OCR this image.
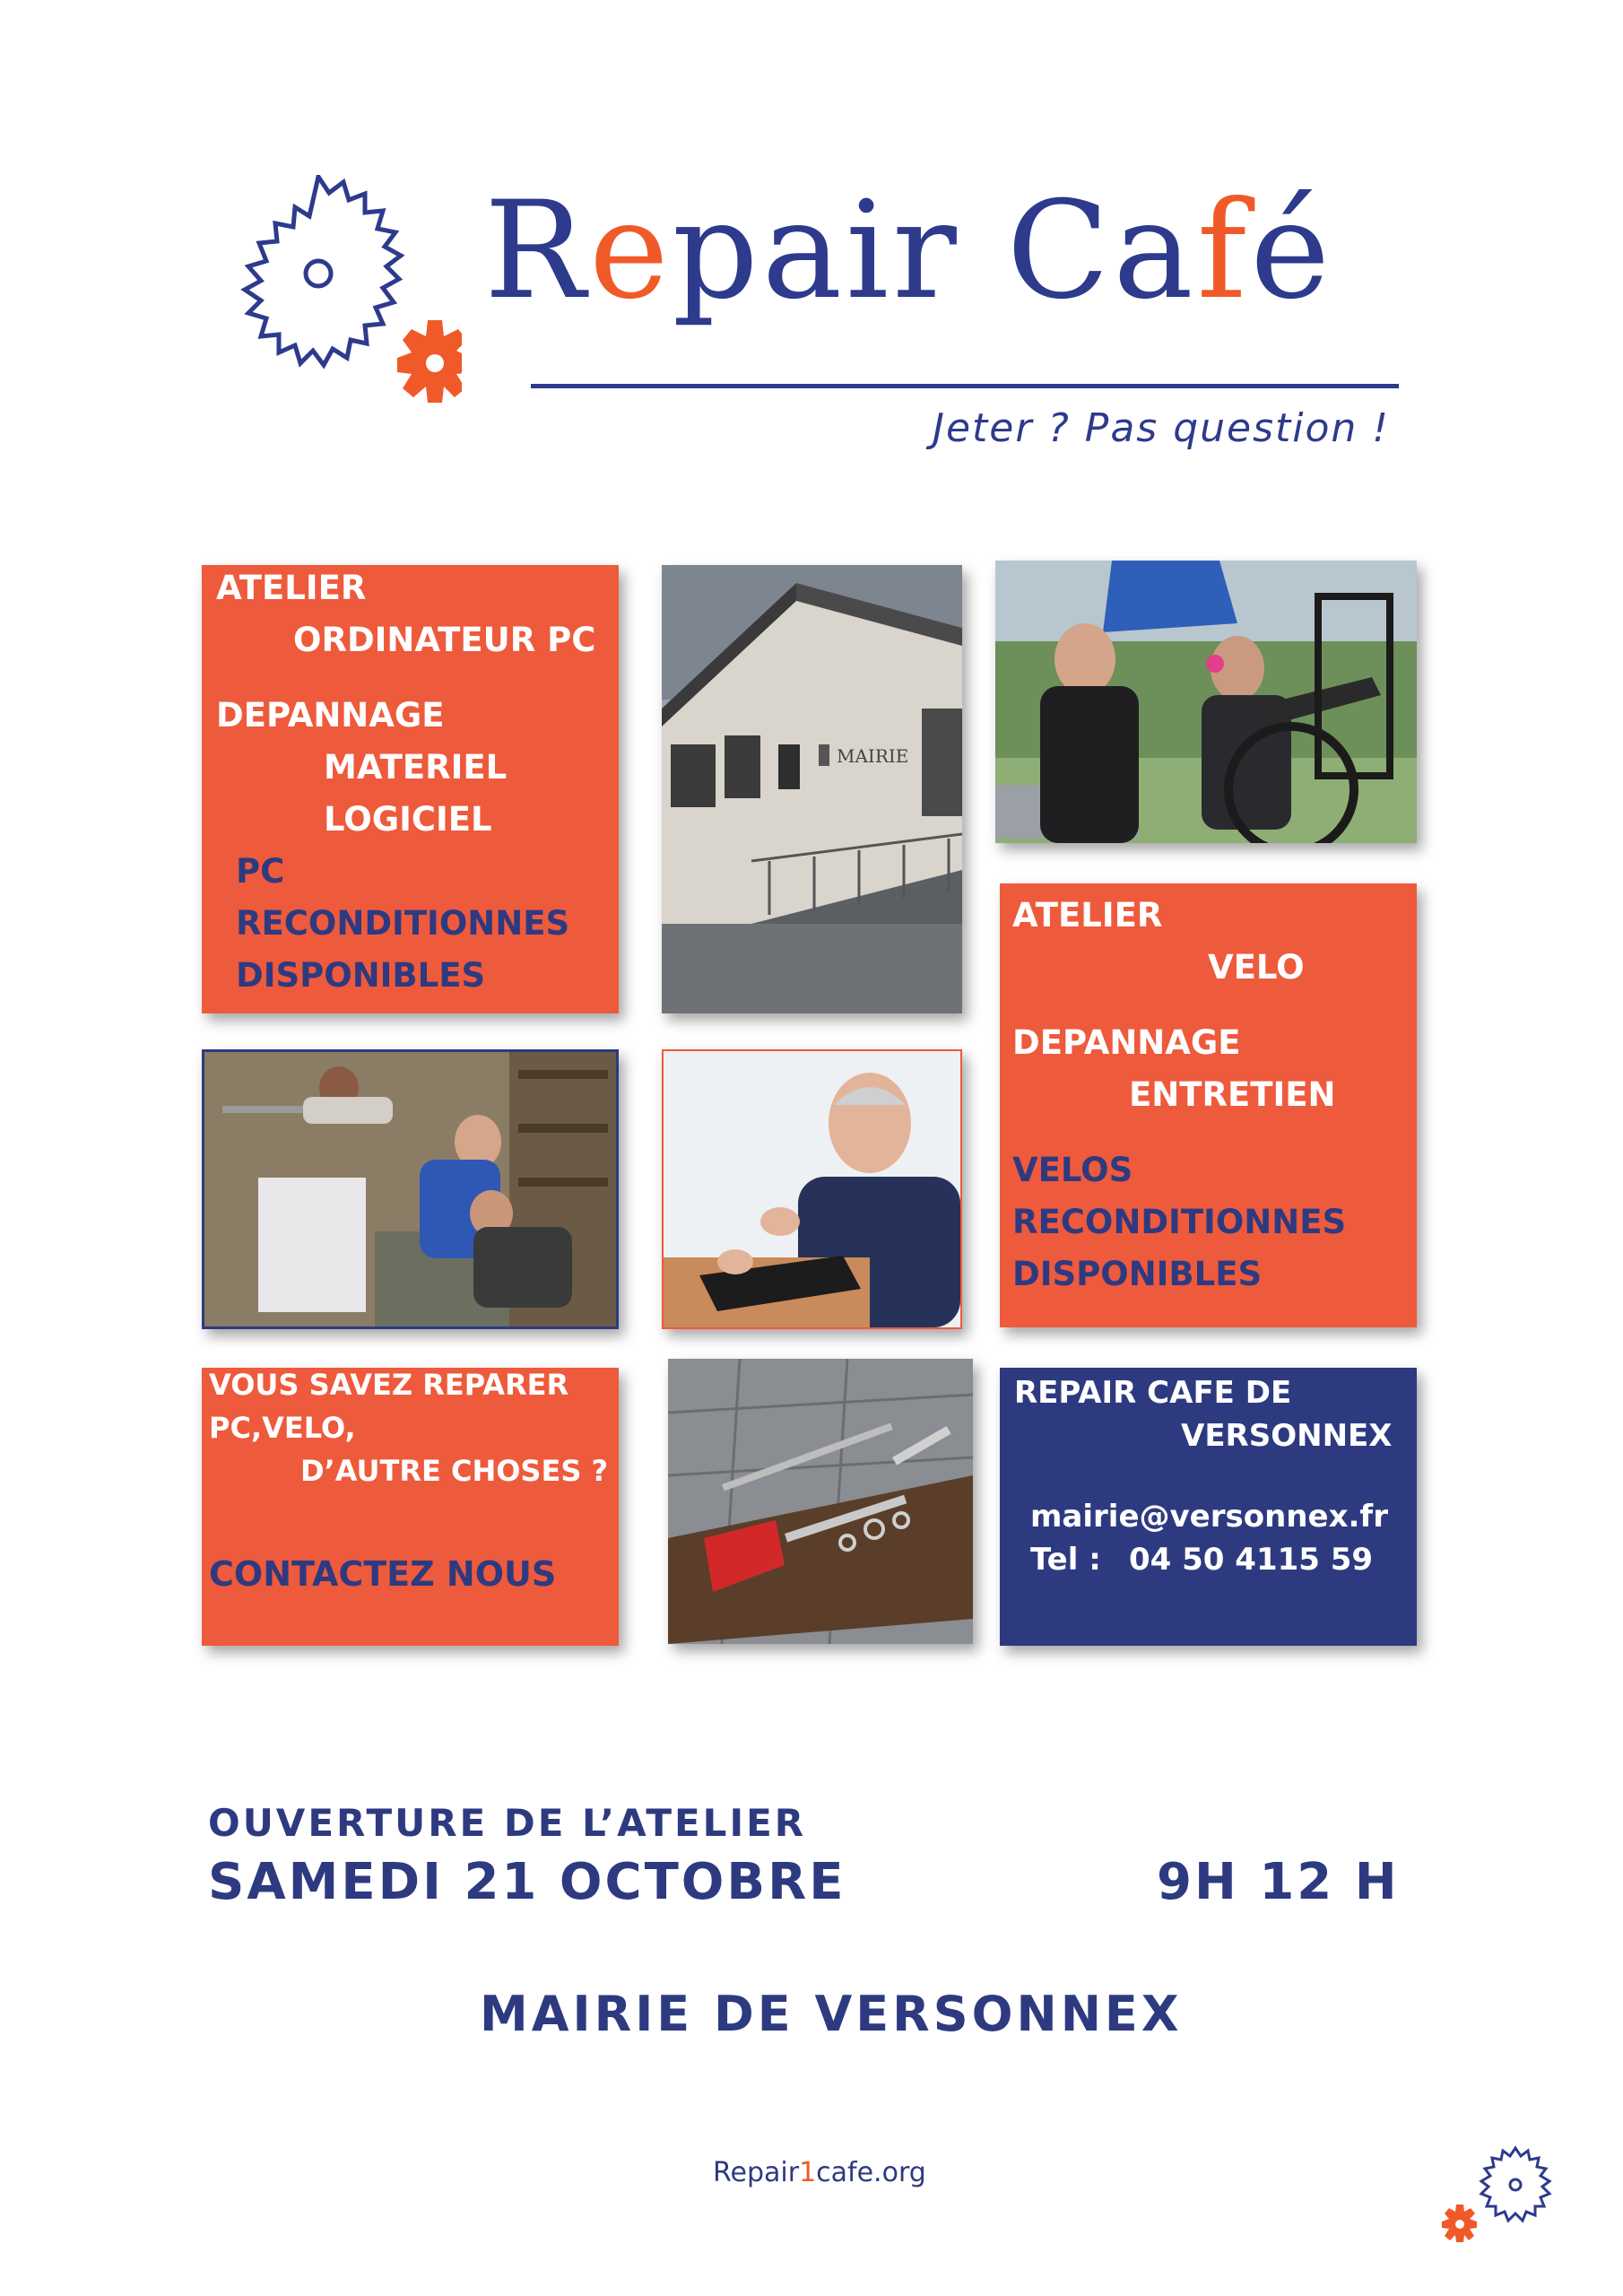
Repair Café
Jeter ? Pas question !
ATELIER
ORDINATEUR PC
DEPANNAGE
MATERIEL
LOGICIEL
PC
RECONDITIONNES
DISPONIBLES
MAIRIE
ATELIER
VELO
DEPANNAGE
ENTRETIEN
VELOS
RECONDITIONNES
DISPONIBLES
VOUS SAVEZ REPARER
PC,VELO,
D’AUTRE CHOSES ?
CONTACTEZ NOUS
REPAIR CAFE DE
VERSONNEX
mairie@versonnex.fr
Tel : 04 50 4115 59
OUVERTURE DE L’ATELIER
SAMEDI 21 OCTOBRE	9H 12 H
MAIRIE DE VERSONNEX
Repair1cafe.org
